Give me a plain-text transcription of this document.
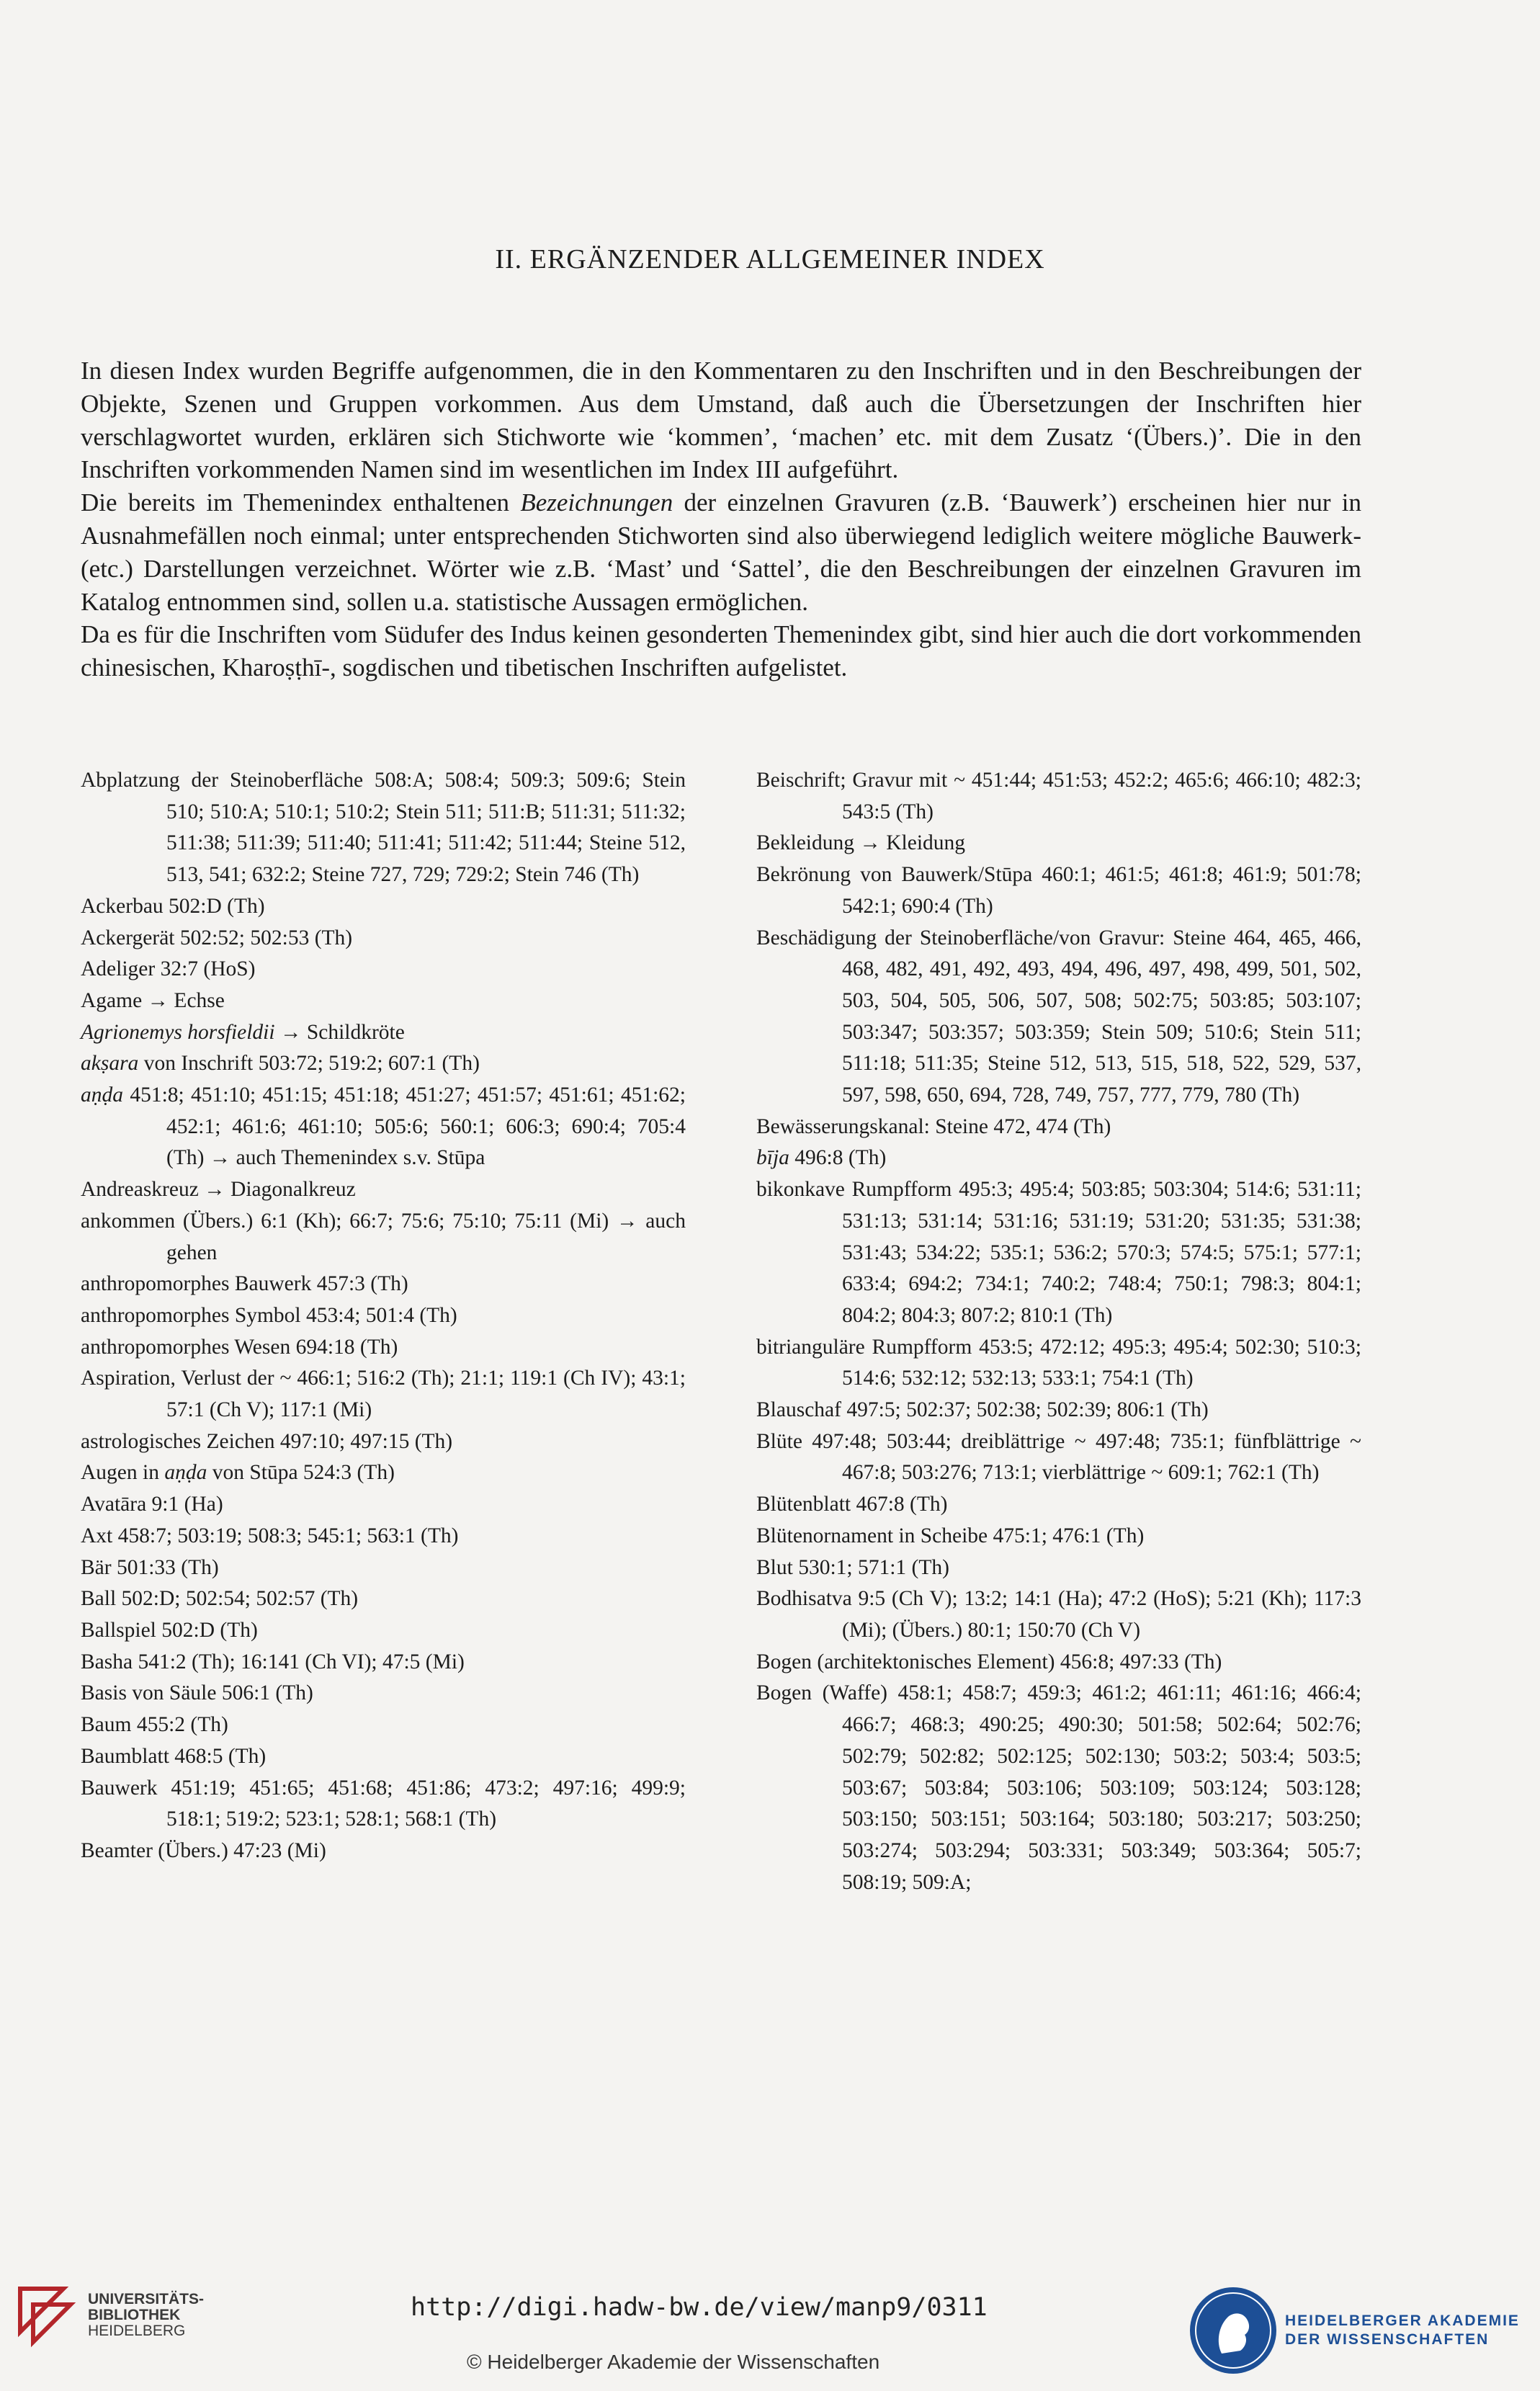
II. ERGÄNZENDER ALLGEMEINER INDEX

In diesen Index wurden Begriffe aufgenommen, die in den Kommentaren zu den Inschriften und in den Beschreibungen der Objekte, Szenen und Gruppen vorkommen. Aus dem Umstand, daß auch die Übersetzungen der Inschriften hier verschlagwortet wurden, erklären sich Stichworte wie ‘kommen’, ‘machen’ etc. mit dem Zusatz ‘(Übers.)’. Die in den Inschriften vorkommenden Namen sind im wesentlichen im Index III aufgeführt.

Die bereits im Themenindex enthaltenen Bezeichnungen der einzelnen Gravuren (z.B. ‘Bauwerk’) erscheinen hier nur in Ausnahmefällen noch einmal; unter entsprechenden Stichworten sind also überwiegend lediglich weitere mögliche Bauwerk- (etc.) Darstellungen verzeichnet. Wörter wie z.B. ‘Mast’ und ‘Sattel’, die den Beschreibungen der einzelnen Gravuren im Katalog entnommen sind, sollen u.a. statistische Aussagen ermöglichen.

Da es für die Inschriften vom Südufer des Indus keinen gesonderten Themenindex gibt, sind hier auch die dort vorkommenden chinesischen, Kharoṣṭhī-, sogdischen und tibetischen Inschriften aufgelistet.

Abplatzung der Steinoberfläche 508:A; 508:4; 509:3; 509:6; Stein 510; 510:A; 510:1; 510:2; Stein 511; 511:B; 511:31; 511:32; 511:38; 511:39; 511:40; 511:41; 511:42; 511:44; Steine 512, 513, 541; 632:2; Steine 727, 729; 729:2; Stein 746 (Th)
Ackerbau 502:D (Th)
Ackergerät 502:52; 502:53 (Th)
Adeliger 32:7 (HoS)
Agame → Echse
Agrionemys horsfieldii → Schildkröte
akṣara von Inschrift 503:72; 519:2; 607:1 (Th)
aṇḍa 451:8; 451:10; 451:15; 451:18; 451:27; 451:57; 451:61; 451:62; 452:1; 461:6; 461:10; 505:6; 560:1; 606:3; 690:4; 705:4 (Th) → auch Themenindex s.v. Stūpa
Andreaskreuz → Diagonalkreuz
ankommen (Übers.) 6:1 (Kh); 66:7; 75:6; 75:10; 75:11 (Mi) → auch gehen
anthropomorphes Bauwerk 457:3 (Th)
anthropomorphes Symbol 453:4; 501:4 (Th)
anthropomorphes Wesen 694:18 (Th)
Aspiration, Verlust der ~ 466:1; 516:2 (Th); 21:1; 119:1 (Ch IV); 43:1; 57:1 (Ch V); 117:1 (Mi)
astrologisches Zeichen 497:10; 497:15 (Th)
Augen in aṇḍa von Stūpa 524:3 (Th)
Avatāra 9:1 (Ha)
Axt 458:7; 503:19; 508:3; 545:1; 563:1 (Th)
Bär 501:33 (Th)
Ball 502:D; 502:54; 502:57 (Th)
Ballspiel 502:D (Th)
Basha 541:2 (Th); 16:141 (Ch VI); 47:5 (Mi)
Basis von Säule 506:1 (Th)
Baum 455:2 (Th)
Baumblatt 468:5 (Th)
Bauwerk 451:19; 451:65; 451:68; 451:86; 473:2; 497:16; 499:9; 518:1; 519:2; 523:1; 528:1; 568:1 (Th)
Beamter (Übers.) 47:23 (Mi)
Beischrift; Gravur mit ~ 451:44; 451:53; 452:2; 465:6; 466:10; 482:3; 543:5 (Th)
Bekleidung → Kleidung
Bekrönung von Bauwerk/Stūpa 460:1; 461:5; 461:8; 461:9; 501:78; 542:1; 690:4 (Th)
Beschädigung der Steinoberfläche/von Gravur: Steine 464, 465, 466, 468, 482, 491, 492, 493, 494, 496, 497, 498, 499, 501, 502, 503, 504, 505, 506, 507, 508; 502:75; 503:85; 503:107; 503:347; 503:357; 503:359; Stein 509; 510:6; Stein 511; 511:18; 511:35; Steine 512, 513, 515, 518, 522, 529, 537, 597, 598, 650, 694, 728, 749, 757, 777, 779, 780 (Th)
Bewässerungskanal: Steine 472, 474 (Th)
bīja 496:8 (Th)
bikonkave Rumpfform 495:3; 495:4; 503:85; 503:304; 514:6; 531:11; 531:13; 531:14; 531:16; 531:19; 531:20; 531:35; 531:38; 531:43; 534:22; 535:1; 536:2; 570:3; 574:5; 575:1; 577:1; 633:4; 694:2; 734:1; 740:2; 748:4; 750:1; 798:3; 804:1; 804:2; 804:3; 807:2; 810:1 (Th)
bitrianguläre Rumpfform 453:5; 472:12; 495:3; 495:4; 502:30; 510:3; 514:6; 532:12; 532:13; 533:1; 754:1 (Th)
Blauschaf 497:5; 502:37; 502:38; 502:39; 806:1 (Th)
Blüte 497:48; 503:44; dreiblättrige ~ 497:48; 735:1; fünfblättrige ~ 467:8; 503:276; 713:1; vierblättrige ~ 609:1; 762:1 (Th)
Blütenblatt 467:8 (Th)
Blütenornament in Scheibe 475:1; 476:1 (Th)
Blut 530:1; 571:1 (Th)
Bodhisatva 9:5 (Ch V); 13:2; 14:1 (Ha); 47:2 (HoS); 5:21 (Kh); 117:3 (Mi); (Übers.) 80:1; 150:70 (Ch V)
Bogen (architektonisches Element) 456:8; 497:33 (Th)
Bogen (Waffe) 458:1; 458:7; 459:3; 461:2; 461:11; 461:16; 466:4; 466:7; 468:3; 490:25; 490:30; 501:58; 502:64; 502:76; 502:79; 502:82; 502:125; 502:130; 503:2; 503:4; 503:5; 503:67; 503:84; 503:106; 503:109; 503:124; 503:128; 503:150; 503:151; 503:164; 503:180; 503:217; 503:250; 503:274; 503:294; 503:331; 503:349; 503:364; 505:7; 508:19; 509:A;
UNIVERSITÄTS-
BIBLIOTHEK
HEIDELBERG
http://digi.hadw-bw.de/view/manp9/0311
© Heidelberger Akademie der Wissenschaften
HEIDELBERGER AKADEMIE
DER WISSENSCHAFTEN
